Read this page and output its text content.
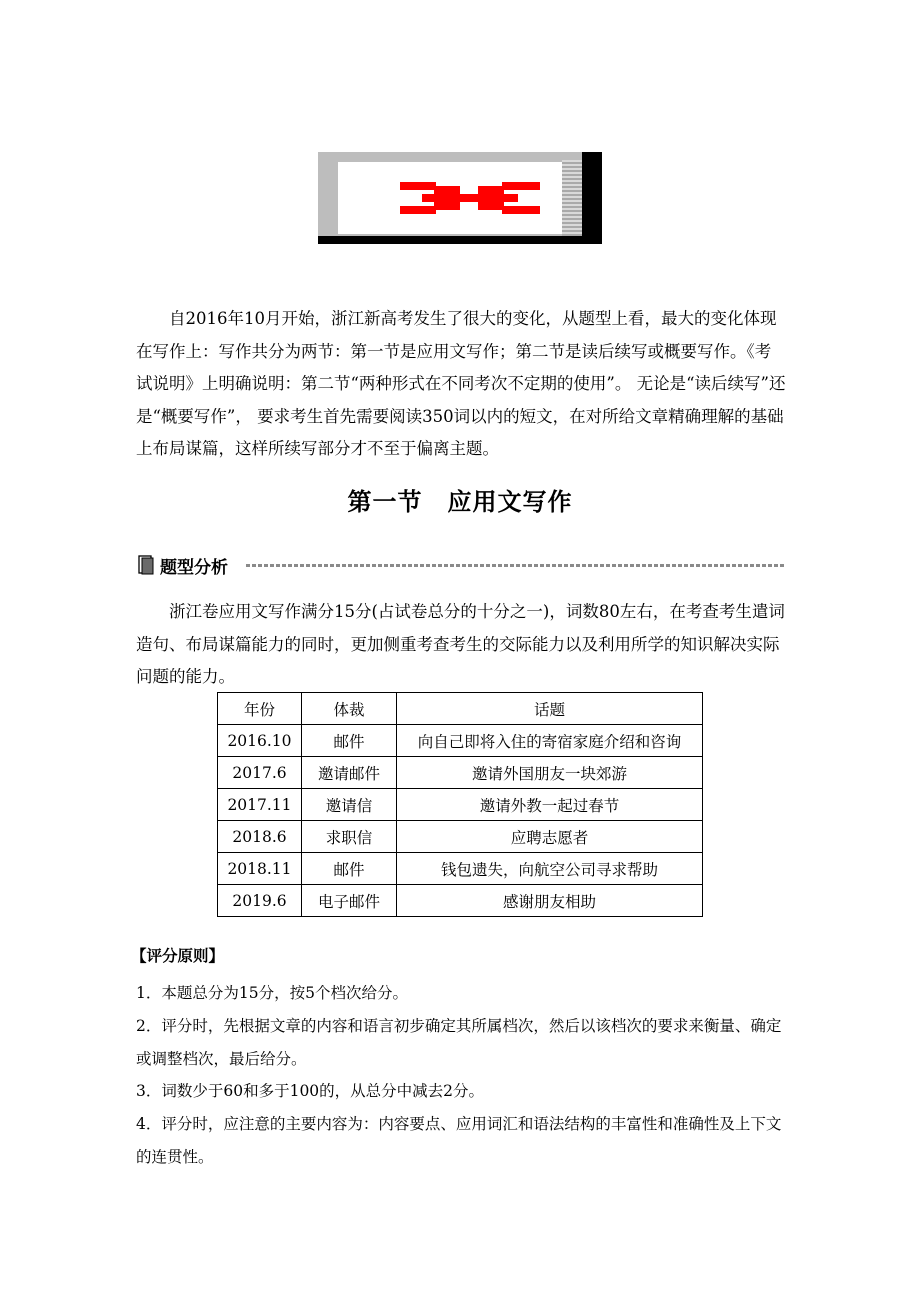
自2016年10月开始，浙江新高考发生了很大的变化，从题型上看，最大的变化体现在写作上：写作共分为两节：第一节是应用文写作；第二节是读后续写或概要写作。《考试说明》上明确说明：第二节“两种形式在不同考次不定期的使用”。 无论是“读后续写”还是“概要写作”， 要求考生首先需要阅读350词以内的短文，在对所给文章精确理解的基础上布局谋篇，这样所续写部分才不至于偏离主题。

第一节　应用文写作
题型分析

浙江卷应用文写作满分15分(占试卷总分的十分之一)，词数80左右，在考查考生遣词造句、布局谋篇能力的同时，更加侧重考查考生的交际能力以及利用所学的知识解决实际问题的能力。

年份	体裁	话题
2016.10	邮件	向自己即将入住的寄宿家庭介绍和咨询
2017.6	邀请邮件	邀请外国朋友一块郊游
2017.11	邀请信	邀请外教一起过春节
2018.6	求职信	应聘志愿者
2018.11	邮件	钱包遗失，向航空公司寻求帮助
2019.6	电子邮件	感谢朋友相助
【评分原则】

1．本题总分为15分，按5个档次给分。

2．评分时，先根据文章的内容和语言初步确定其所属档次，然后以该档次的要求来衡量、确定或调整档次，最后给分。

3．词数少于60和多于100的，从总分中减去2分。

4．评分时，应注意的主要内容为：内容要点、应用词汇和语法结构的丰富性和准确性及上下文的连贯性。
